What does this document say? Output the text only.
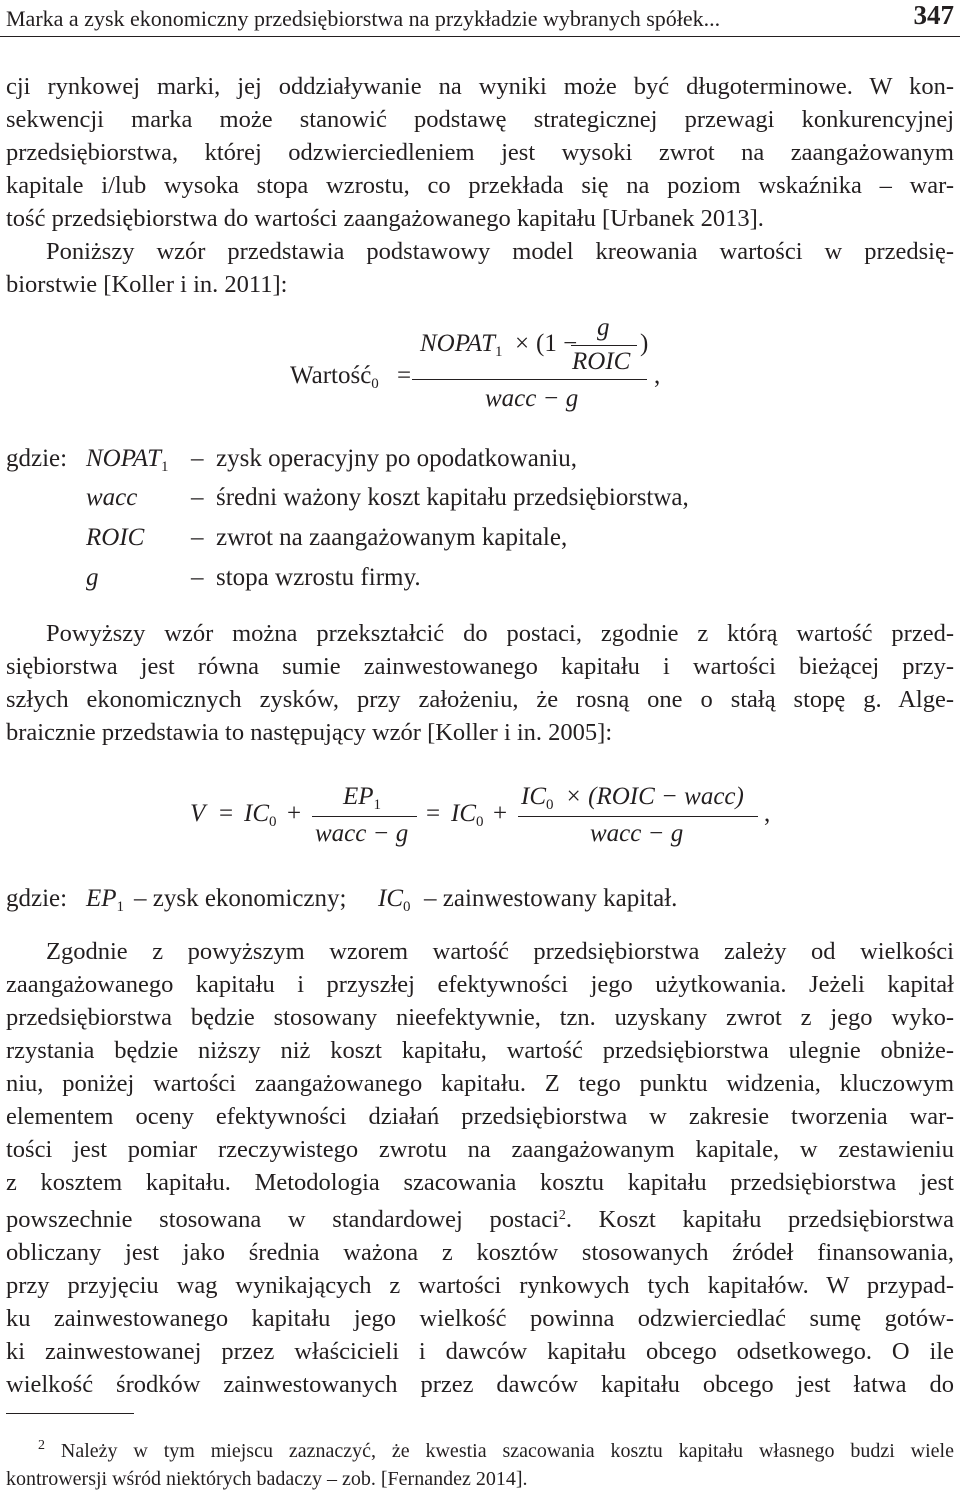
Marka a zysk ekonomiczny przedsiębiorstwa na przykładzie wybranych spółek...	347
cji rynkowej marki, jej oddziaływanie na wyniki może być długoterminowe. W kon-
sekwencji marka może stanowić podstawę strategicznej przewagi konkurencyjnej
przedsiębiorstwa, której odzwierciedleniem jest wysoki zwrot na zaangażowanym
kapitale i/lub wysoka stopa wzrostu, co przekłada się na poziom wskaźnika – war-
tość przedsiębiorstwa do wartości zaangażowanego kapitału [Urbanek 2013].
Poniższy wzór przedstawia podstawowy model kreowania wartości w przedsię-
biorstwie [Koller i in. 2011]:
Wartość$_0$ =
$NOPAT_1 \times (1$ −
g
ROIC
)
wacc − g
,
gdzie: $NOPAT_1$ – zysk operacyjny po opodatkowaniu,
wacc – średni ważony koszt kapitału przedsiębiorstwa,
ROIC – zwrot na zaangażowanym kapitale,
g	– stopa wzrostu firmy.
Powyższy wzór można przekształcić do postaci, zgodnie z którą wartość przed-
siębiorstwa jest równa sumie zainwestowanego kapitału i wartości bieżącej przy-
szłych ekonomicznych zysków, przy założeniu, że rosną one o stałą stopę g. Alge-
braicznie przedstawia to następujący wzór [Koller i in. 2005]:
$V = IC_0$ +
$EP_1$
wacc − g
= $IC_0$ +
$IC_0$ × (ROIC − wacc)
wacc − g
,
gdzie: $EP_1$ – zysk ekonomiczny; $IC_0$ – zainwestowany kapitał.
Zgodnie z powyższym wzorem wartość przedsiębiorstwa zależy od wielkości
zaangażowanego kapitału i przyszłej efektywności jego użytkowania. Jeżeli kapitał
przedsiębiorstwa będzie stosowany nieefektywnie, tzn. uzyskany zwrot z jego wyko-
rzystania będzie niższy niż koszt kapitału, wartość przedsiębiorstwa ulegnie obniże-
niu, poniżej wartości zaangażowanego kapitału. Z tego punktu widzenia, kluczowym
elementem oceny efektywności działań przedsiębiorstwa w zakresie tworzenia war-
tości jest pomiar rzeczywistego zwrotu na zaangażowanym kapitale, w zestawieniu
z kosztem kapitału. Metodologia szacowania kosztu kapitału przedsiębiorstwa jest
powszechnie stosowana w standardowej postaci$^2$. Koszt kapitału przedsiębiorstwa
obliczany jest jako średnia ważona z kosztów stosowanych źródeł finansowania,
przy przyjęciu wag wynikających z wartości rynkowych tych kapitałów. W przypad-
ku zainwestowanego kapitału jego wielkość powinna odzwierciedlać sumę gotów-
ki zainwestowanej przez właścicieli i dawców kapitału obcego odsetkowego. O ile
wielkość środków zainwestowanych przez dawców kapitału obcego jest łatwa do
$^2$ Należy w tym miejscu zaznaczyć, że kwestia szacowania kosztu kapitału własnego budzi wiele
kontrowersji wśród niektórych badaczy – zob. [Fernandez 2014].
